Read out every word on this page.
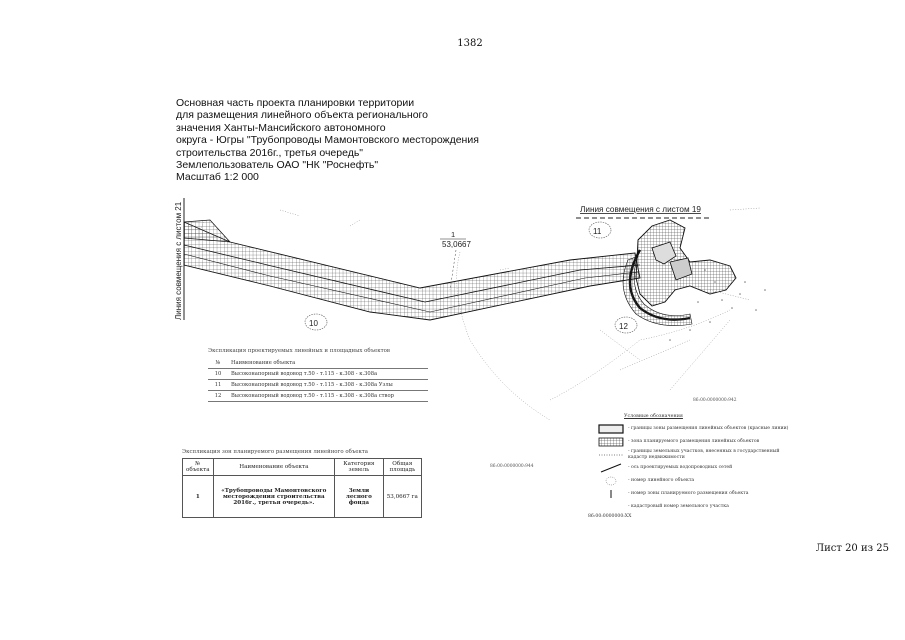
1382
Основная часть проекта планировки территории
для размещения линейного объекта регионального
значения Ханты-Мансийского автономного
округа - Югры "Трубопроводы Мамонтовского месторождения
строительства 2016г., третья очередь"
Землепользователь ОАО "НК "Роснефть"
Масштаб 1:2 000
Линия совмещения с листом 21	Линия совмещения с листом 19
1
53,0667
10
11
12
86:00:0000000:942
86:00:0000000:944
Экспликация проектируемых линейных и площадных объектов
№	Наименование объекта
10	Высоконапорный водовод т.50 - т.115 - к.308 - к.308а
11	Высоконапорный водовод т.50 - т.115 - к.308 - к.308а Узлы
12	Высоконапорный водовод т.50 - т.115 - к.308 - к.308а створ
Экспликация зон планируемого размещения линейного объекта
№ объекта	Наименование объекта	Категория земель	Общая площадь
1	«Трубопроводы Мамонтовского месторождения строительства 2016г., третья очередь».	Земли лесного фонда	53,0667 га
Условные обозначения
- границы зоны размещения линейных объектов (красные линии)
- зона планируемого размещения линейных объектов
- границы земельных участков, внесенных в государственный кадастр недвижимости
- ось проектируемых водопроводных сетей
- номер линейного объекта
- номер зоны планируемого размещения объекта
- кадастровый номер земельного участка
86:00:0000000:XX
Лист 20 из 25
